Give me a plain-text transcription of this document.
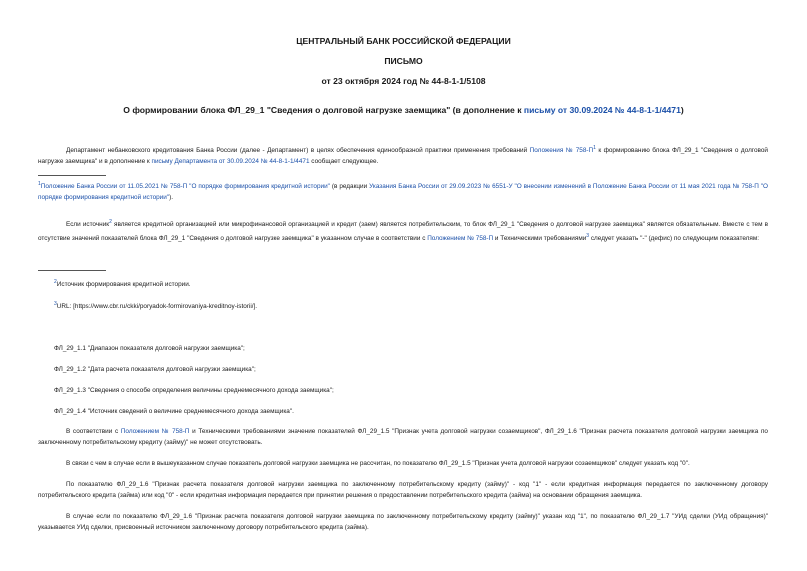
ЦЕНТРАЛЬНЫЙ БАНК РОССИЙСКОЙ ФЕДЕРАЦИИ
ПИСЬМО
от 23 октября 2024 год № 44-8-1-1/5108
О формировании блока ФЛ_29_1 "Сведения о долговой нагрузке заемщика" (в дополнение к письму от 30.09.2024 № 44-8-1-1/4471)
Департамент небанковского кредитования Банка России (далее - Департамент) в целях обеспечения единообразной практики применения требований Положения № $758-П^1$ к формированию блока ФЛ_29_1 "Сведения о долговой нагрузке заемщика" и в дополнение к письму Департамента от 30.09.2024 № 44-8-1-1/4471 сообщает следующее.
$^1$Положение Банка России от 11.05.2021 № 758-П "О порядке формирования кредитной истории" (в редакции Указания Банка России от 29.09.2023 № 6551-У "О внесении изменений в Положение Банка России от 11 мая 2021 года № 758-П "О порядке формирования кредитной истории").
Если источник$^2$ является кредитной организацией или микрофинансовой организацией и кредит (заем) является потребительским, то блок ФЛ_29_1 "Сведения о долговой нагрузке заемщика" является обязательным. Вместе с тем в отсутствие значений показателей блока ФЛ_29_1 "Сведения о долговой нагрузке заемщика" в указанном случае в соответствии с Положением № 758-П и Техническими требованиями$^3$ следует указать "-" (дефис) по следующим показателям:
$^2$Источник формирования кредитной истории.
$^3$URL: [https://www.cbr.ru/ckki/poryadok-formirovaniya-kreditnoy-istorii/].
ФЛ_29_1.1 "Диапазон показателя долговой нагрузки заемщика";
ФЛ_29_1.2 "Дата расчета показателя долговой нагрузки заемщика";
ФЛ_29_1.3 "Сведения о способе определения величины среднемесячного дохода заемщика";
ФЛ_29_1.4 "Источник сведений о величине среднемесячного дохода заемщика".
В соответствии с Положением № 758-П и Техническими требованиями значение показателей ФЛ_29_1.5 "Признак учета долговой нагрузки созаемщиков", ФЛ_29_1.6 "Признак расчета показателя долговой нагрузки заемщика по заключенному потребительскому кредиту (займу)" не может отсутствовать.
В связи с чем в случае если в вышеуказанном случае показатель долговой нагрузки заемщика не рассчитан, по показателю ФЛ_29_1.5 "Признак учета долговой нагрузки созаемщиков" следует указать код "0".
По показателю ФЛ_29_1.6 "Признак расчета показателя долговой нагрузки заемщика по заключенному потребительскому кредиту (займу)" - код "1" - если кредитная информация передается по заключенному договору потребительского кредита (займа) или код "0" - если кредитная информация передается при принятии решения о предоставлении потребительского кредита (займа) на основании обращения заемщика.
В случае если по показателю ФЛ_29_1.6 "Признак расчета показателя долговой нагрузки заемщика по заключенному потребительскому кредиту (займу)" указан код "1", по показателю ФЛ_29_1.7 "УИд сделки (УИд обращения)" указывается УИд сделки, присвоенный источником заключенному договору потребительского кредита (займа).
